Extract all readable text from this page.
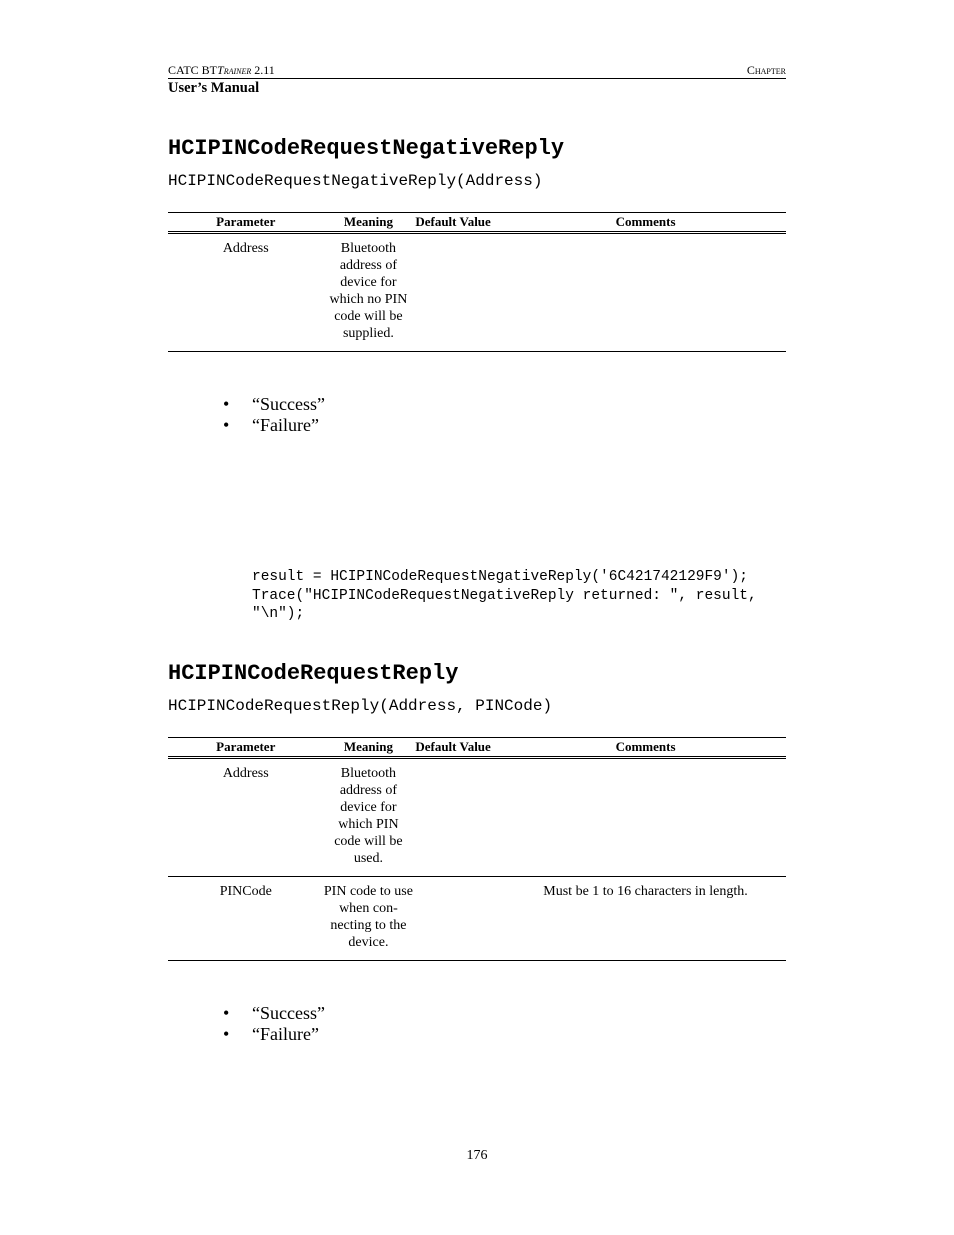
CATC BTTrainer 2.11	Chapter
User’s Manual
HCIPINCodeRequestNegativeReply
HCIPINCodeRequestNegativeReply(Address)
Parameter	Meaning	Default Value	Comments
Address	Bluetooth address of device for which no PIN code will be supplied.		
• “Success”
• “Failure”
result = HCIPINCodeRequestNegativeReply('6C421742129F9');
Trace("HCIPINCodeRequestNegativeReply returned: ", result,
"\n");
HCIPINCodeRequestReply
HCIPINCodeRequestReply(Address, PINCode)
Parameter	Meaning	Default Value	Comments
Address	Bluetooth address of device for which PIN code will be used.		
PINCode	PIN code to use when con-necting to the device.		Must be 1 to 16 characters in length.
• “Success”
• “Failure”
176
